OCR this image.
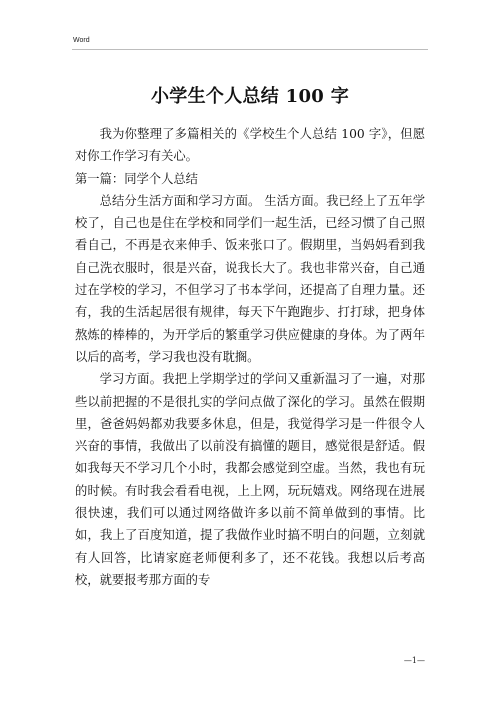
Word
小学生个人总结 100 字

我为你整理了多篇相关的《学校生个人总结 100 字》，但愿对你工作学习有关心。

第一篇：同学个人总结

总结分生活方面和学习方面。 生活方面。我已经上了五年学校了，自己也是住在学校和同学们一起生活，已经习惯了自己照看自己，不再是衣来伸手、饭来张口了。假期里，当妈妈看到我自己洗衣服时，很是兴奋，说我长大了。我也非常兴奋，自己通过在学校的学习，不但学习了书本学问，还提高了自理力量。还有，我的生活起居很有规律，每天下午跑跑步、打打球，把身体熬炼的棒棒的，为开学后的繁重学习供应健康的身体。为了两年以后的高考，学习我也没有耽搁。

学习方面。我把上学期学过的学问又重新温习了一遍，对那些以前把握的不是很扎实的学问点做了深化的学习。虽然在假期里，爸爸妈妈都劝我要多休息，但是，我觉得学习是一件很令人兴奋的事情，我做出了以前没有搞懂的题目，感觉很是舒适。假如我每天不学习几个小时，我都会感觉到空虚。当然，我也有玩的时候。有时我会看看电视，上上网，玩玩嬉戏。网络现在进展很快速，我们可以通过网络做许多以前不简单做到的事情。比如，我上了百度知道，提了我做作业时搞不明白的问题，立刻就有人回答，比请家庭老师便利多了，还不花钱。我想以后考高校，就要报考那方面的专

—1—
